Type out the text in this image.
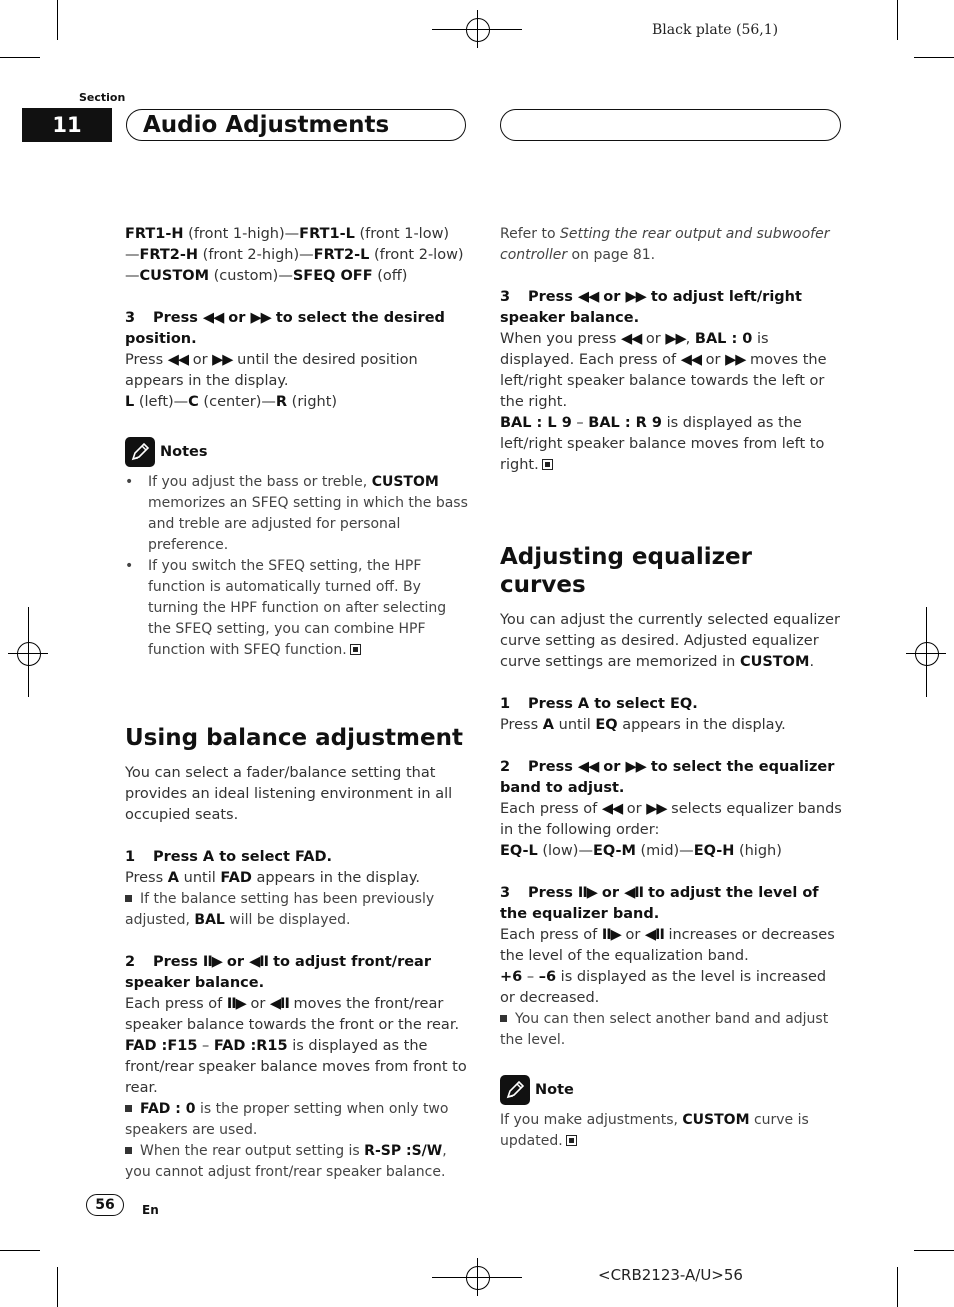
Black plate (56,1)
Section
11	Audio Adjustments

FRT1-H (front 1-high)—FRT1-L (front 1-low)
—FRT2-H (front 2-high)—FRT2-L (front 2-low)
—CUSTOM (custom)—SFEQ OFF (off)

3 Press ◀◀ or ▶▶ to select the desired position.

Press ◀◀ or ▶▶ until the desired position appears in the display.

L (left)—C (center)—R (right)

Notes
• If you adjust the bass or treble, CUSTOM memorizes an SFEQ setting in which the bass and treble are adjusted for personal preference.
• If you switch the SFEQ setting, the HPF function is automatically turned off. By turning the HPF function on after selecting the SFEQ setting, you can combine HPF function with SFEQ function.

Using balance adjustment

You can select a fader/balance setting that provides an ideal listening environment in all occupied seats.

1 Press A to select FAD.

Press A until FAD appears in the display.

If the balance setting has been previously adjusted, BAL will be displayed.

2 Press II▶ or ◀II to adjust front/rear speaker balance.

Each press of II▶ or ◀II moves the front/rear speaker balance towards the front or the rear.

FAD :F15 – FAD :R15 is displayed as the front/rear speaker balance moves from front to rear.

FAD : 0 is the proper setting when only two speakers are used.

When the rear output setting is R-SP :S/W, you cannot adjust front/rear speaker balance.

Refer to Setting the rear output and subwoofer controller on page 81.

3 Press ◀◀ or ▶▶ to adjust left/right speaker balance.

When you press ◀◀ or ▶▶, BAL : 0 is displayed. Each press of ◀◀ or ▶▶ moves the left/right speaker balance towards the left or the right.

BAL : L 9 – BAL : R 9 is displayed as the left/right speaker balance moves from left to right.

Adjusting equalizer curves

You can adjust the currently selected equalizer curve setting as desired. Adjusted equalizer curve settings are memorized in CUSTOM.

1 Press A to select EQ.

Press A until EQ appears in the display.

2 Press ◀◀ or ▶▶ to select the equalizer band to adjust.

Each press of ◀◀ or ▶▶ selects equalizer bands in the following order:

EQ-L (low)—EQ-M (mid)—EQ-H (high)

3 Press II▶ or ◀II to adjust the level of the equalizer band.

Each press of II▶ or ◀II increases or decreases the level of the equalization band.

+6 – –6 is displayed as the level is increased or decreased.

You can then select another band and adjust the level.

Note

If you make adjustments, CUSTOM curve is updated.

56	En
<CRB2123-A/U>56
